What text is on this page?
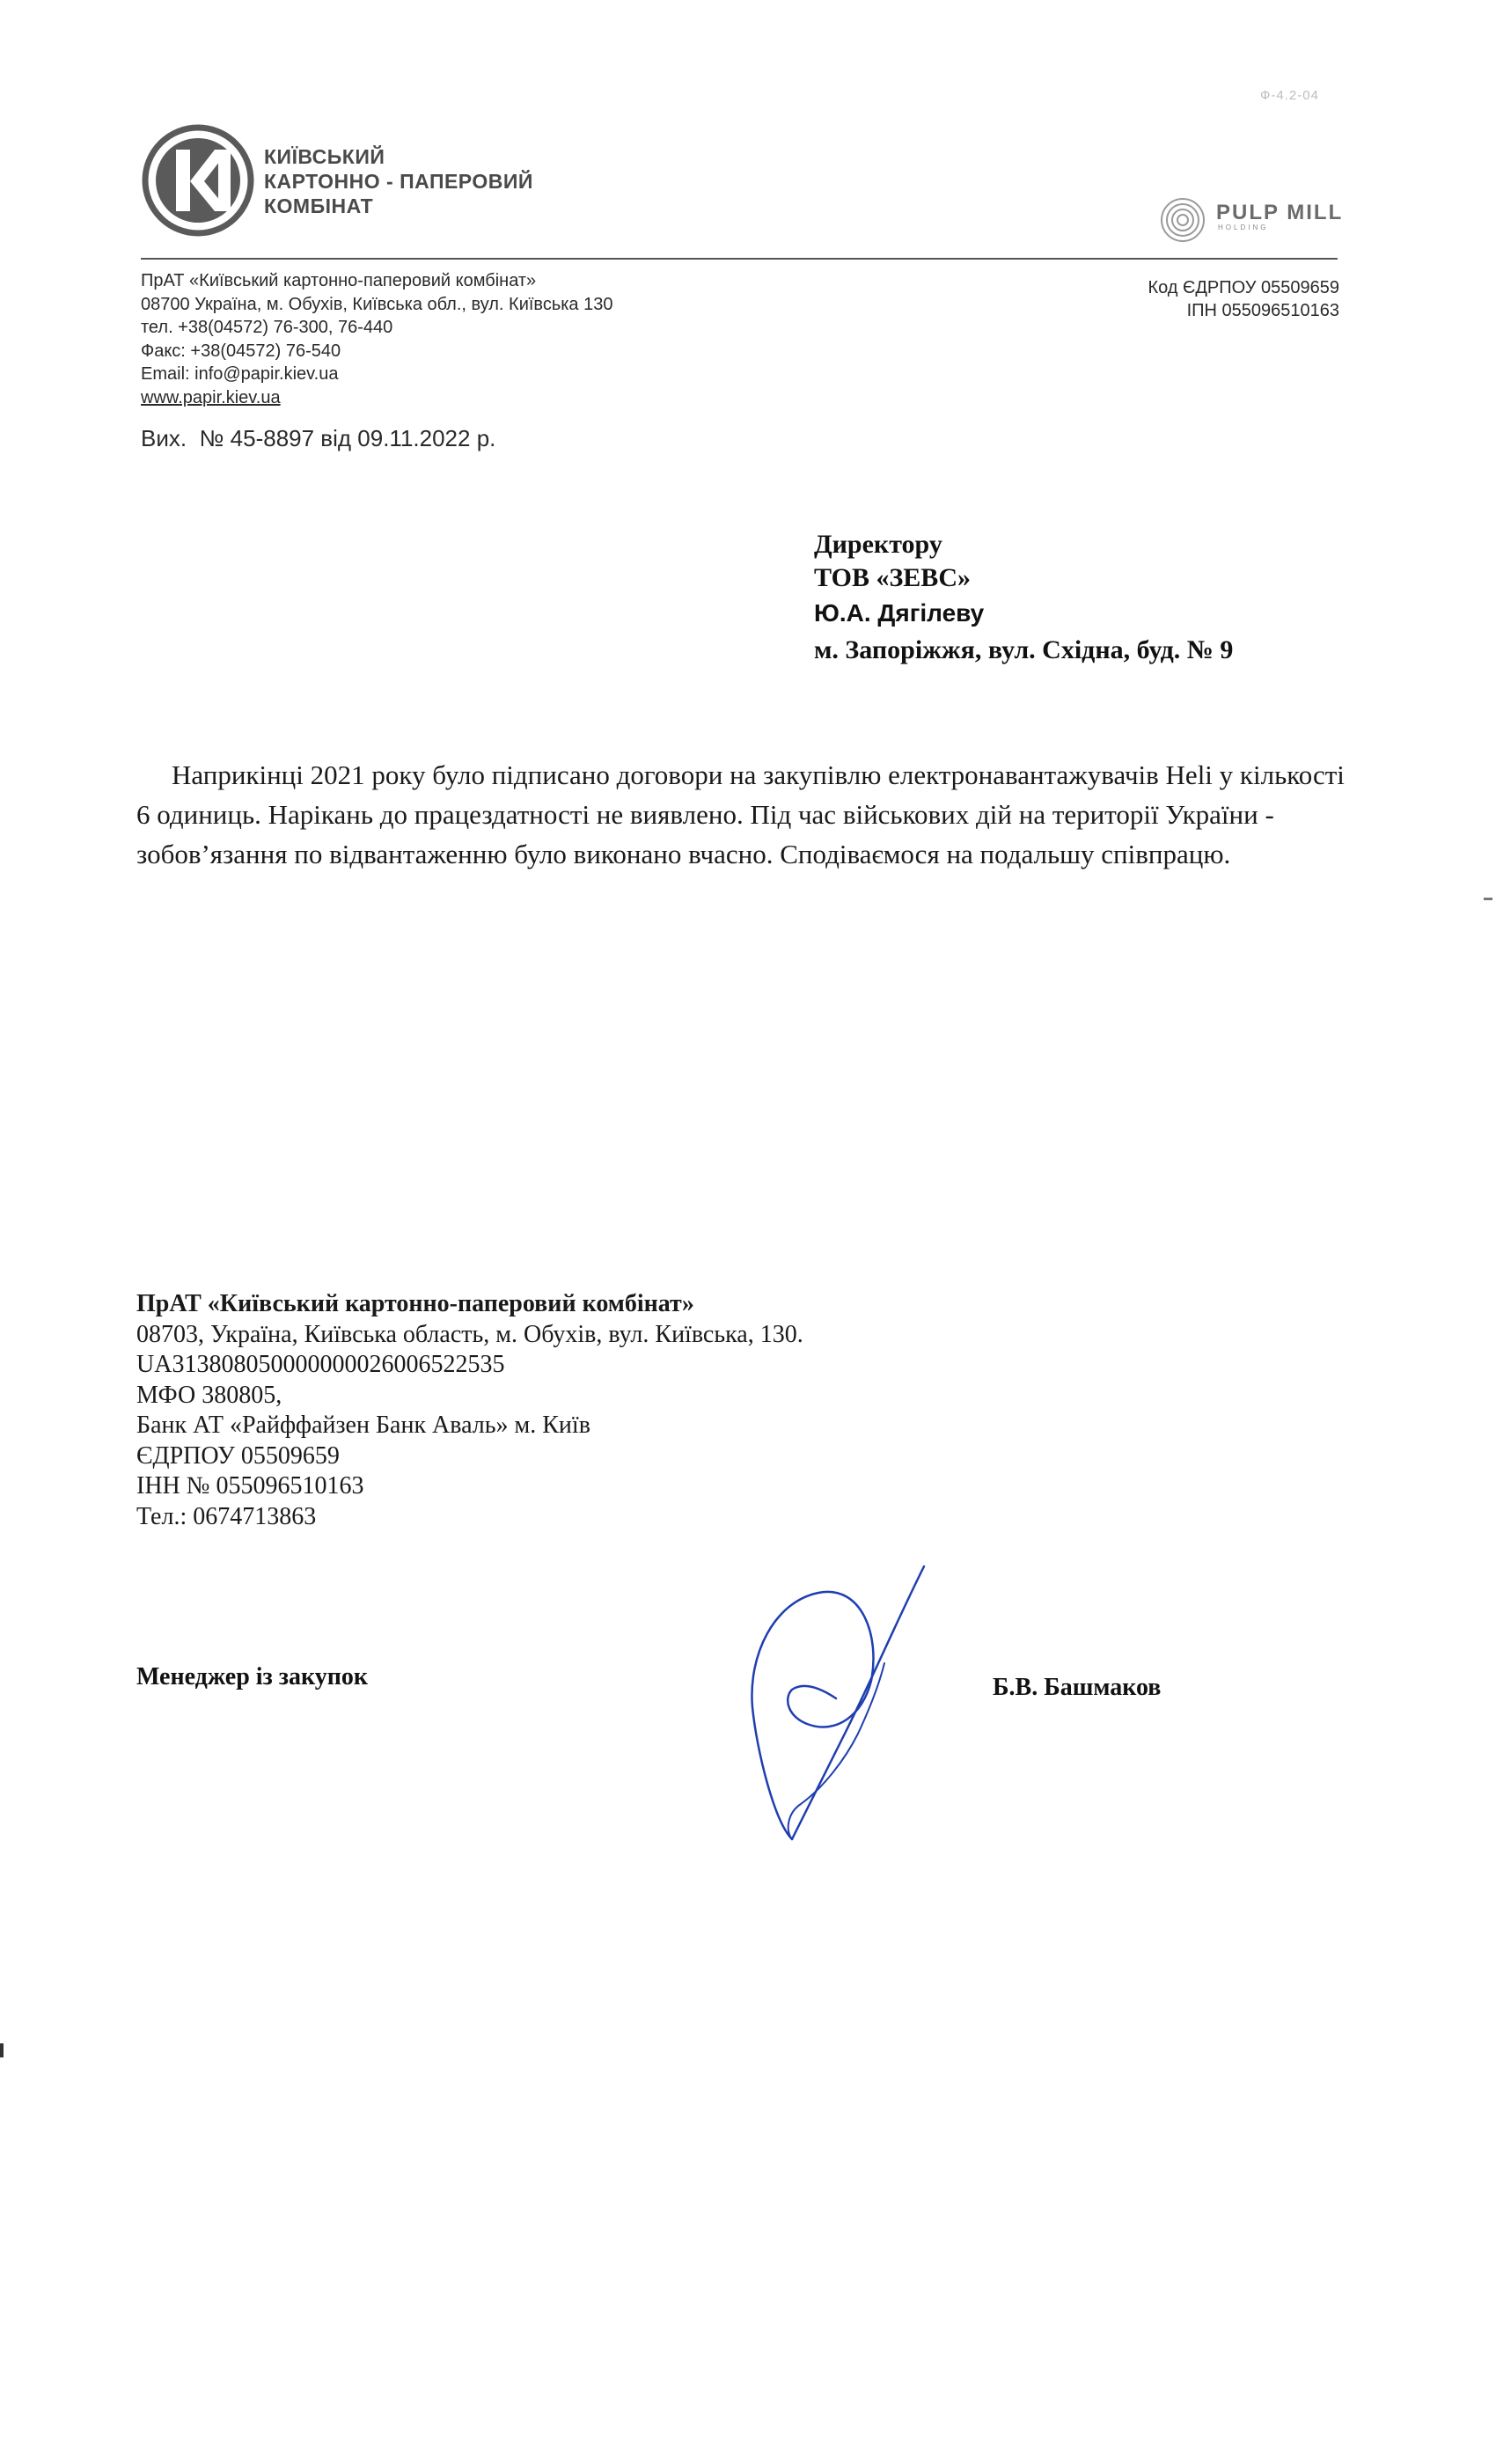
Ф-4.2-04
КИЇВСЬКИЙ
КАРТОННО - ПАПЕРОВИЙ
КОМБІНАТ	PULP MILL
HOLDING
ПрАТ «Київський картонно-паперовий комбінат»
08700 Україна, м. Обухів, Київська обл., вул. Київська 130
тел. +38(04572) 76-300, 76-440
Факс: +38(04572) 76-540
Email: info@papir.kiev.ua
www.papir.kiev.ua
Код ЄДРПОУ 05509659
ІПН 055096510163
Вих.  № 45-8897 від 09.11.2022 р.
Директору
ТОВ «ЗЕВС»
Ю.А. Дягілеву
м. Запоріжжя, вул. Східна, буд. № 9
Наприкінці 2021 року було підписано договори на закупівлю електронавантажувачів Heli у кількості 6 одиниць. Нарікань до працездатності не виявлено. Під час військових дій на території України - зобов’язання по відвантаженню було виконано вчасно. Сподіваємося на подальшу співпрацю.
ПрАТ «Київський картонно-паперовий комбінат»
08703, Україна, Київська область, м. Обухів, вул. Київська, 130.
UA313808050000000026006522535
МФО 380805,
Банк АТ «Райффайзен Банк Аваль» м. Київ
ЄДРПОУ 05509659
ІНН № 055096510163
Тел.: 0674713863
Менеджер із закупок	Б.В. Башмаков
